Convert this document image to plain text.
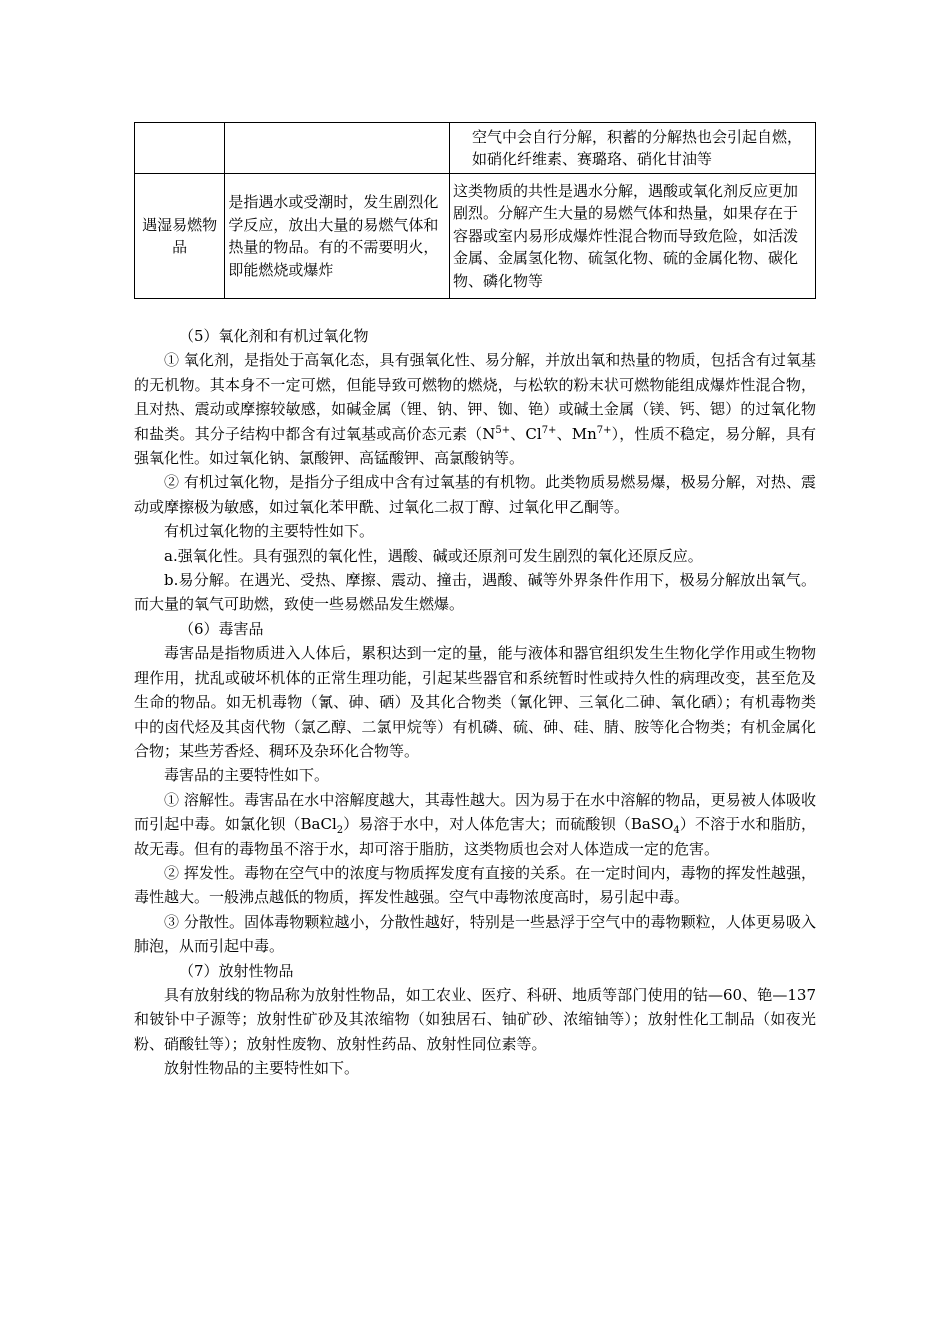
		空气中会自行分解，积蓄的分解热也会引起自燃，如硝化纤维素、赛璐珞、硝化甘油等
遇湿易燃物品	是指遇水或受潮时，发生剧烈化学反应，放出大量的易燃气体和热量的物品。有的不需要明火，即能燃烧或爆炸	这类物质的共性是遇水分解，遇酸或氧化剂反应更加剧烈。分解产生大量的易燃气体和热量，如果存在于容器或室内易形成爆炸性混合物而导致危险，如活泼金属、金属氢化物、硫氢化物、硫的金属化物、碳化物、磷化物等

（5）氧化剂和有机过氧化物

① 氧化剂，是指处于高氧化态，具有强氧化性、易分解，并放出氧和热量的物质，包括含有过氧基的无机物。其本身不一定可燃，但能导致可燃物的燃烧，与松软的粉末状可燃物能组成爆炸性混合物，且对热、震动或摩擦较敏感，如碱金属（锂、钠、钾、铷、铯）或碱土金属（镁、钙、锶）的过氧化物和盐类。其分子结构中都含有过氧基或高价态元素（$N^{5+}$、$Cl^{7+}$、$Mn^{7+}$），性质不稳定，易分解，具有强氧化性。如过氧化钠、氯酸钾、高锰酸钾、高氯酸钠等。

② 有机过氧化物，是指分子组成中含有过氧基的有机物。此类物质易燃易爆，极易分解，对热、震动或摩擦极为敏感，如过氧化苯甲酰、过氧化二叔丁醇、过氧化甲乙酮等。

有机过氧化物的主要特性如下。

a.强氧化性。具有强烈的氧化性，遇酸、碱或还原剂可发生剧烈的氧化还原反应。

b.易分解。在遇光、受热、摩擦、震动、撞击，遇酸、碱等外界条件作用下，极易分解放出氧气。而大量的氧气可助燃，致使一些易燃品发生燃爆。

（6）毒害品

毒害品是指物质进入人体后，累积达到一定的量，能与液体和器官组织发生生物化学作用或生物物理作用，扰乱或破坏机体的正常生理功能，引起某些器官和系统暂时性或持久性的病理改变，甚至危及生命的物品。如无机毒物（氰、砷、硒）及其化合物类（氰化钾、三氧化二砷、氧化硒）；有机毒物类中的卤代烃及其卤代物（氯乙醇、二氯甲烷等）有机磷、硫、砷、硅、腈、胺等化合物类；有机金属化合物；某些芳香烃、稠环及杂环化合物等。

毒害品的主要特性如下。

① 溶解性。毒害品在水中溶解度越大，其毒性越大。因为易于在水中溶解的物品，更易被人体吸收而引起中毒。如氯化钡（BaCl$_2$）易溶于水中，对人体危害大；而硫酸钡（BaSO$_4$）不溶于水和脂肪，故无毒。但有的毒物虽不溶于水，却可溶于脂肪，这类物质也会对人体造成一定的危害。

② 挥发性。毒物在空气中的浓度与物质挥发度有直接的关系。在一定时间内，毒物的挥发性越强，毒性越大。一般沸点越低的物质，挥发性越强。空气中毒物浓度高时，易引起中毒。

③ 分散性。固体毒物颗粒越小，分散性越好，特别是一些悬浮于空气中的毒物颗粒，人体更易吸入肺泡，从而引起中毒。

（7）放射性物品

具有放射线的物品称为放射性物品，如工农业、医疗、科研、地质等部门使用的钴—60、铯—137和铍钋中子源等；放射性矿砂及其浓缩物（如独居石、铀矿砂、浓缩铀等）；放射性化工制品（如夜光粉、硝酸钍等）；放射性废物、放射性药品、放射性同位素等。

放射性物品的主要特性如下。
